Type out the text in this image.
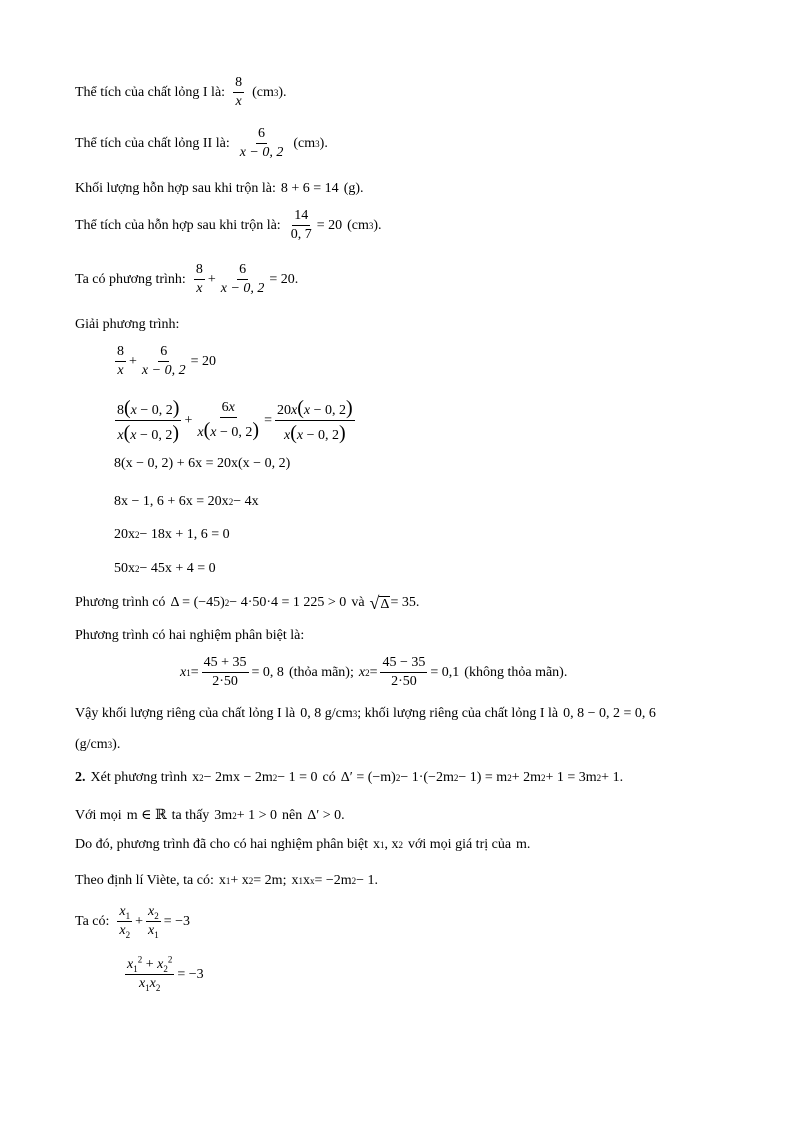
Thể tích của chất lỏng I là: $\frac{8}{x} (cm$ 3 ).
Thể tích của chất lỏng II là: $\frac{6}{x - 0, 2} (cm$ 3 ).
Khối lượng hỗn hợp sau khi trộn là: 8 + 6 = 14 (g).
Thể tích của hỗn hợp sau khi trộn là: $\frac{14}{0, 7} = 20$ (cm 3 ).
Ta có phương trình: $\frac{8}{x} + \frac{6}{x - 0, 2} = 20$.
Giải phương trình:
$\frac{8}{x} + \frac{6}{x - 0, 2} = 20$
$\frac{8(x - 0, 2)}{x(x - 0, 2)} + \frac{6x}{x(x - 0, 2)} = \frac{20x(x - 0, 2)}{x(x - 0, 2)}$
8(x − 0, 2) + 6x = 20x(x − 0, 2)
8x − 1, 6 + 6x = 20x 2 − 4x
20x 2 − 18x + 1, 6 = 0
50x 2 − 45x + 4 = 0
Phương trình có Δ = (−45) 2 − 4·50·4 = 1 225 > 0 và √ Δ = 35.
Phương trình có hai nghiệm phân biệt là:
x $1 = \frac{45 + 35}{2\cdot 50} = 0$, 8 (thỏa mãn); x $2 = \frac{45 - 35}{2\cdot 50} = 0,1$ (không thỏa mãn).
Vậy khối lượng riêng của chất lỏng I là 0, 8 g/cm 3 ; khối lượng riêng của chất lỏng I là 0, 8 − 0, 2 = 0, 6
(g/cm 3 ).
2. Xét phương trình x 2 − 2mx − 2m 2 − 1 = 0 có Δ′ = (−m) 2 − 1·(−2m 2 − 1) = m 2 + 2m 2 + 1 = 3m 2 + 1.
Với mọi m ∈ ℝ ta thấy 3m 2 + 1 > 0 nên Δ′ > 0.
Do đó, phương trình đã cho có hai nghiệm phân biệt x 1 , x 2 với mọi giá trị của m.
Theo định lí Viète, ta có: x 1 + x 2 = 2m; x 1 x x = −2m 2 − 1.
Ta có: $\frac{x_1}{x_2} + \frac{x_2}{x_1} = -3$
$\frac{x_1^2 + x_2^2}{x_1x_2} = -3$
